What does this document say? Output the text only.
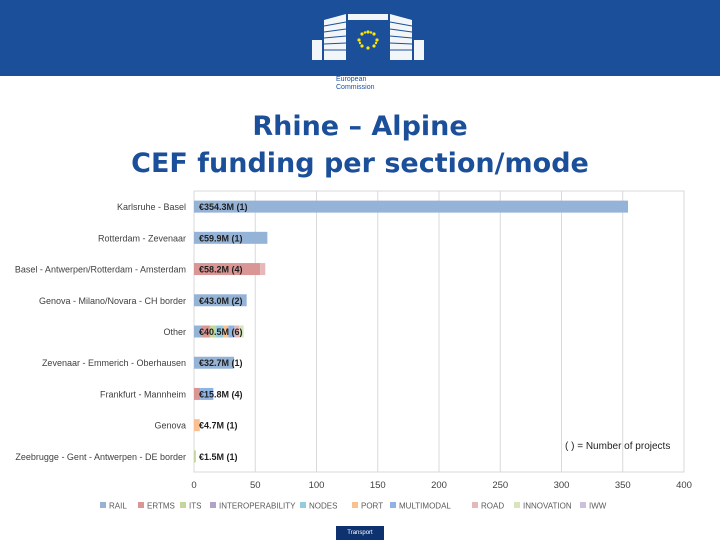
European
Commission
Rhine – Alpine
CEF funding per section/mode
0	50	100	150	200	250	300	350	400
Karlsruhe - Basel €354.3M (1)
Rotterdam - Zevenaar €59.9M (1)
Basel - Antwerpen/Rotterdam - Amsterdam €58.2M (4)
Genova - Milano/Novara - CH border €43.0M (2)
Other €40.5M (6)
Zevenaar - Emmerich - Oberhausen €32.7M (1)
Frankfurt - Mannheim €15.8M (4)
Genova €4.7M (1)
Zeebrugge - Gent - Antwerpen - DE border €1.5M (1)
( ) = Number of projects
RAIL	ERTMS ITS INTEROPERABILITY NODES	PORT MULTIMODAL	ROAD INNOVATION IWW
Transport
